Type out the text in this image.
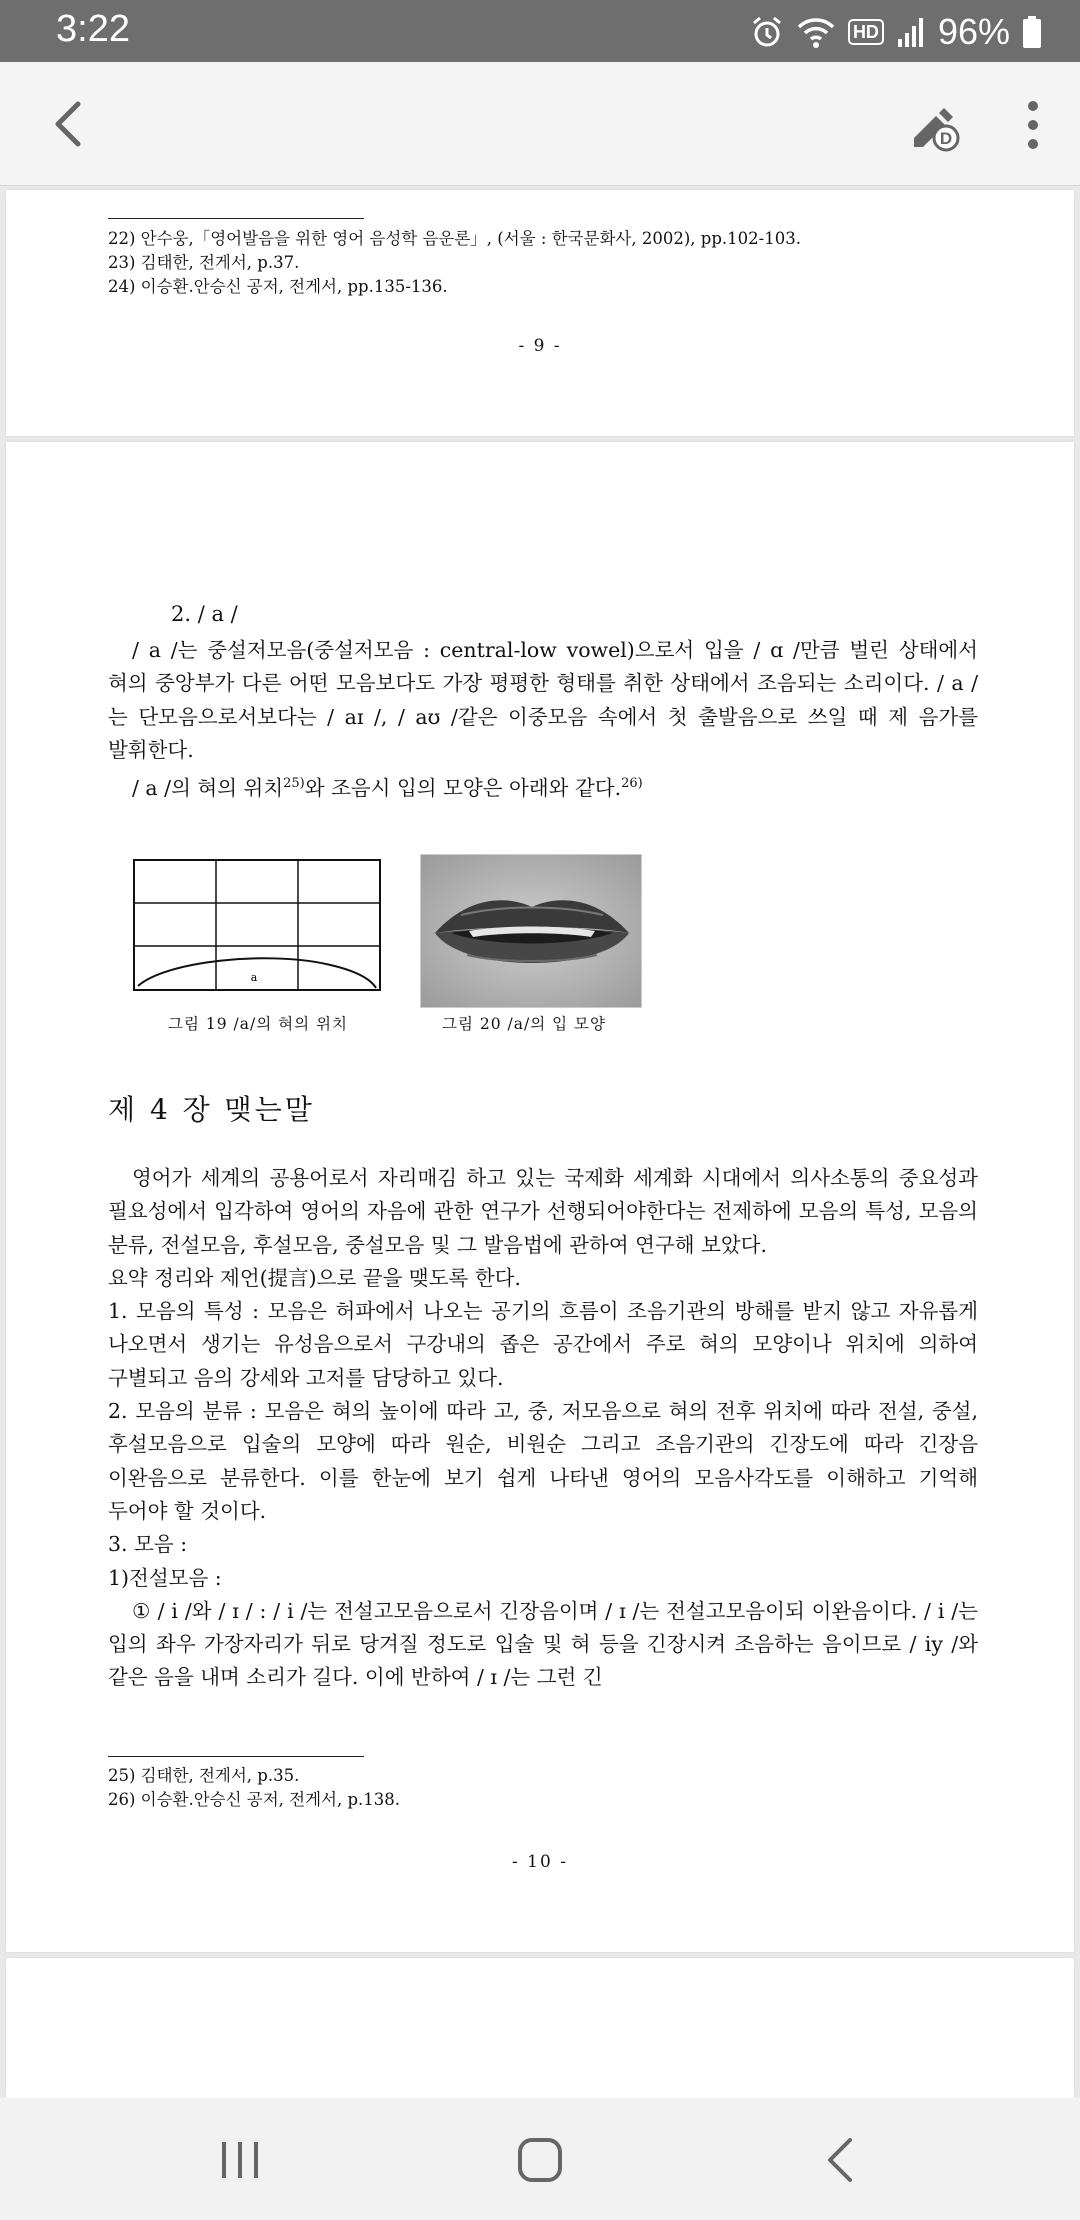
3:22	HD 96%
D
22) 안수웅,「영어발음을 위한 영어 음성학 음운론」, (서울 : 한국문화사, 2002), pp.102-103.
23) 김태한, 전게서, p.37.
24) 이승환.안승신 공저, 전게서, pp.135-136.
- 9 -
2. / a /

/ a /는 중설저모음(중설저모음 : central-low vowel)으로서 입을 / ɑ /만큼 벌린 상태에서 혀의 중앙부가 다른 어떤 모음보다도 가장 평평한 형태를 취한 상태에서 조음되는 소리이다. / a /는 단모음으로서보다는 / aɪ /, / aʊ /같은 이중모음 속에서 첫 출발음으로 쓰일 때 제 음가를 발휘한다.

/ a /의 혀의 위치$^{25)}$와 조음시 입의 모양은 아래와 같다.$^{26)}$

a
그림 19 /a/의 혀의 위치	그림 20 /a/의 입 모양
제 4 장 맺는말

영어가 세계의 공용어로서 자리매김 하고 있는 국제화 세계화 시대에서 의사소통의 중요성과 필요성에서 입각하여 영어의 자음에 관한 연구가 선행되어야한다는 전제하에 모음의 특성, 모음의 분류, 전설모음, 후설모음, 중설모음 및 그 발음법에 관하여 연구해 보았다.

요약 정리와 제언(提言)으로 끝을 맺도록 한다.

1. 모음의 특성 : 모음은 허파에서 나오는 공기의 흐름이 조음기관의 방해를 받지 않고 자유롭게 나오면서 생기는 유성음으로서 구강내의 좁은 공간에서 주로 혀의 모양이나 위치에 의하여 구별되고 음의 강세와 고저를 담당하고 있다.

2. 모음의 분류 : 모음은 혀의 높이에 따라 고, 중, 저모음으로 혀의 전후 위치에 따라 전설, 중설, 후설모음으로 입술의 모양에 따라 원순, 비원순 그리고 조음기관의 긴장도에 따라 긴장음 이완음으로 분류한다. 이를 한눈에 보기 쉽게 나타낸 영어의 모음사각도를 이해하고 기억해 두어야 할 것이다.

3. 모음 :

1)전설모음 :

① / i /와 / ɪ / : / i /는 전설고모음으로서 긴장음이며 / ɪ /는 전설고모음이되 이완음이다. / i /는 입의 좌우 가장자리가 뒤로 당겨질 정도로 입술 및 혀 등을 긴장시켜 조음하는 음이므로 / iy /와 같은 음을 내며 소리가 길다. 이에 반하여 / ɪ /는 그런 긴

25) 김태한, 전게서, p.35.
26) 이승환.안승신 공저, 전게서, p.138.
- 10 -
